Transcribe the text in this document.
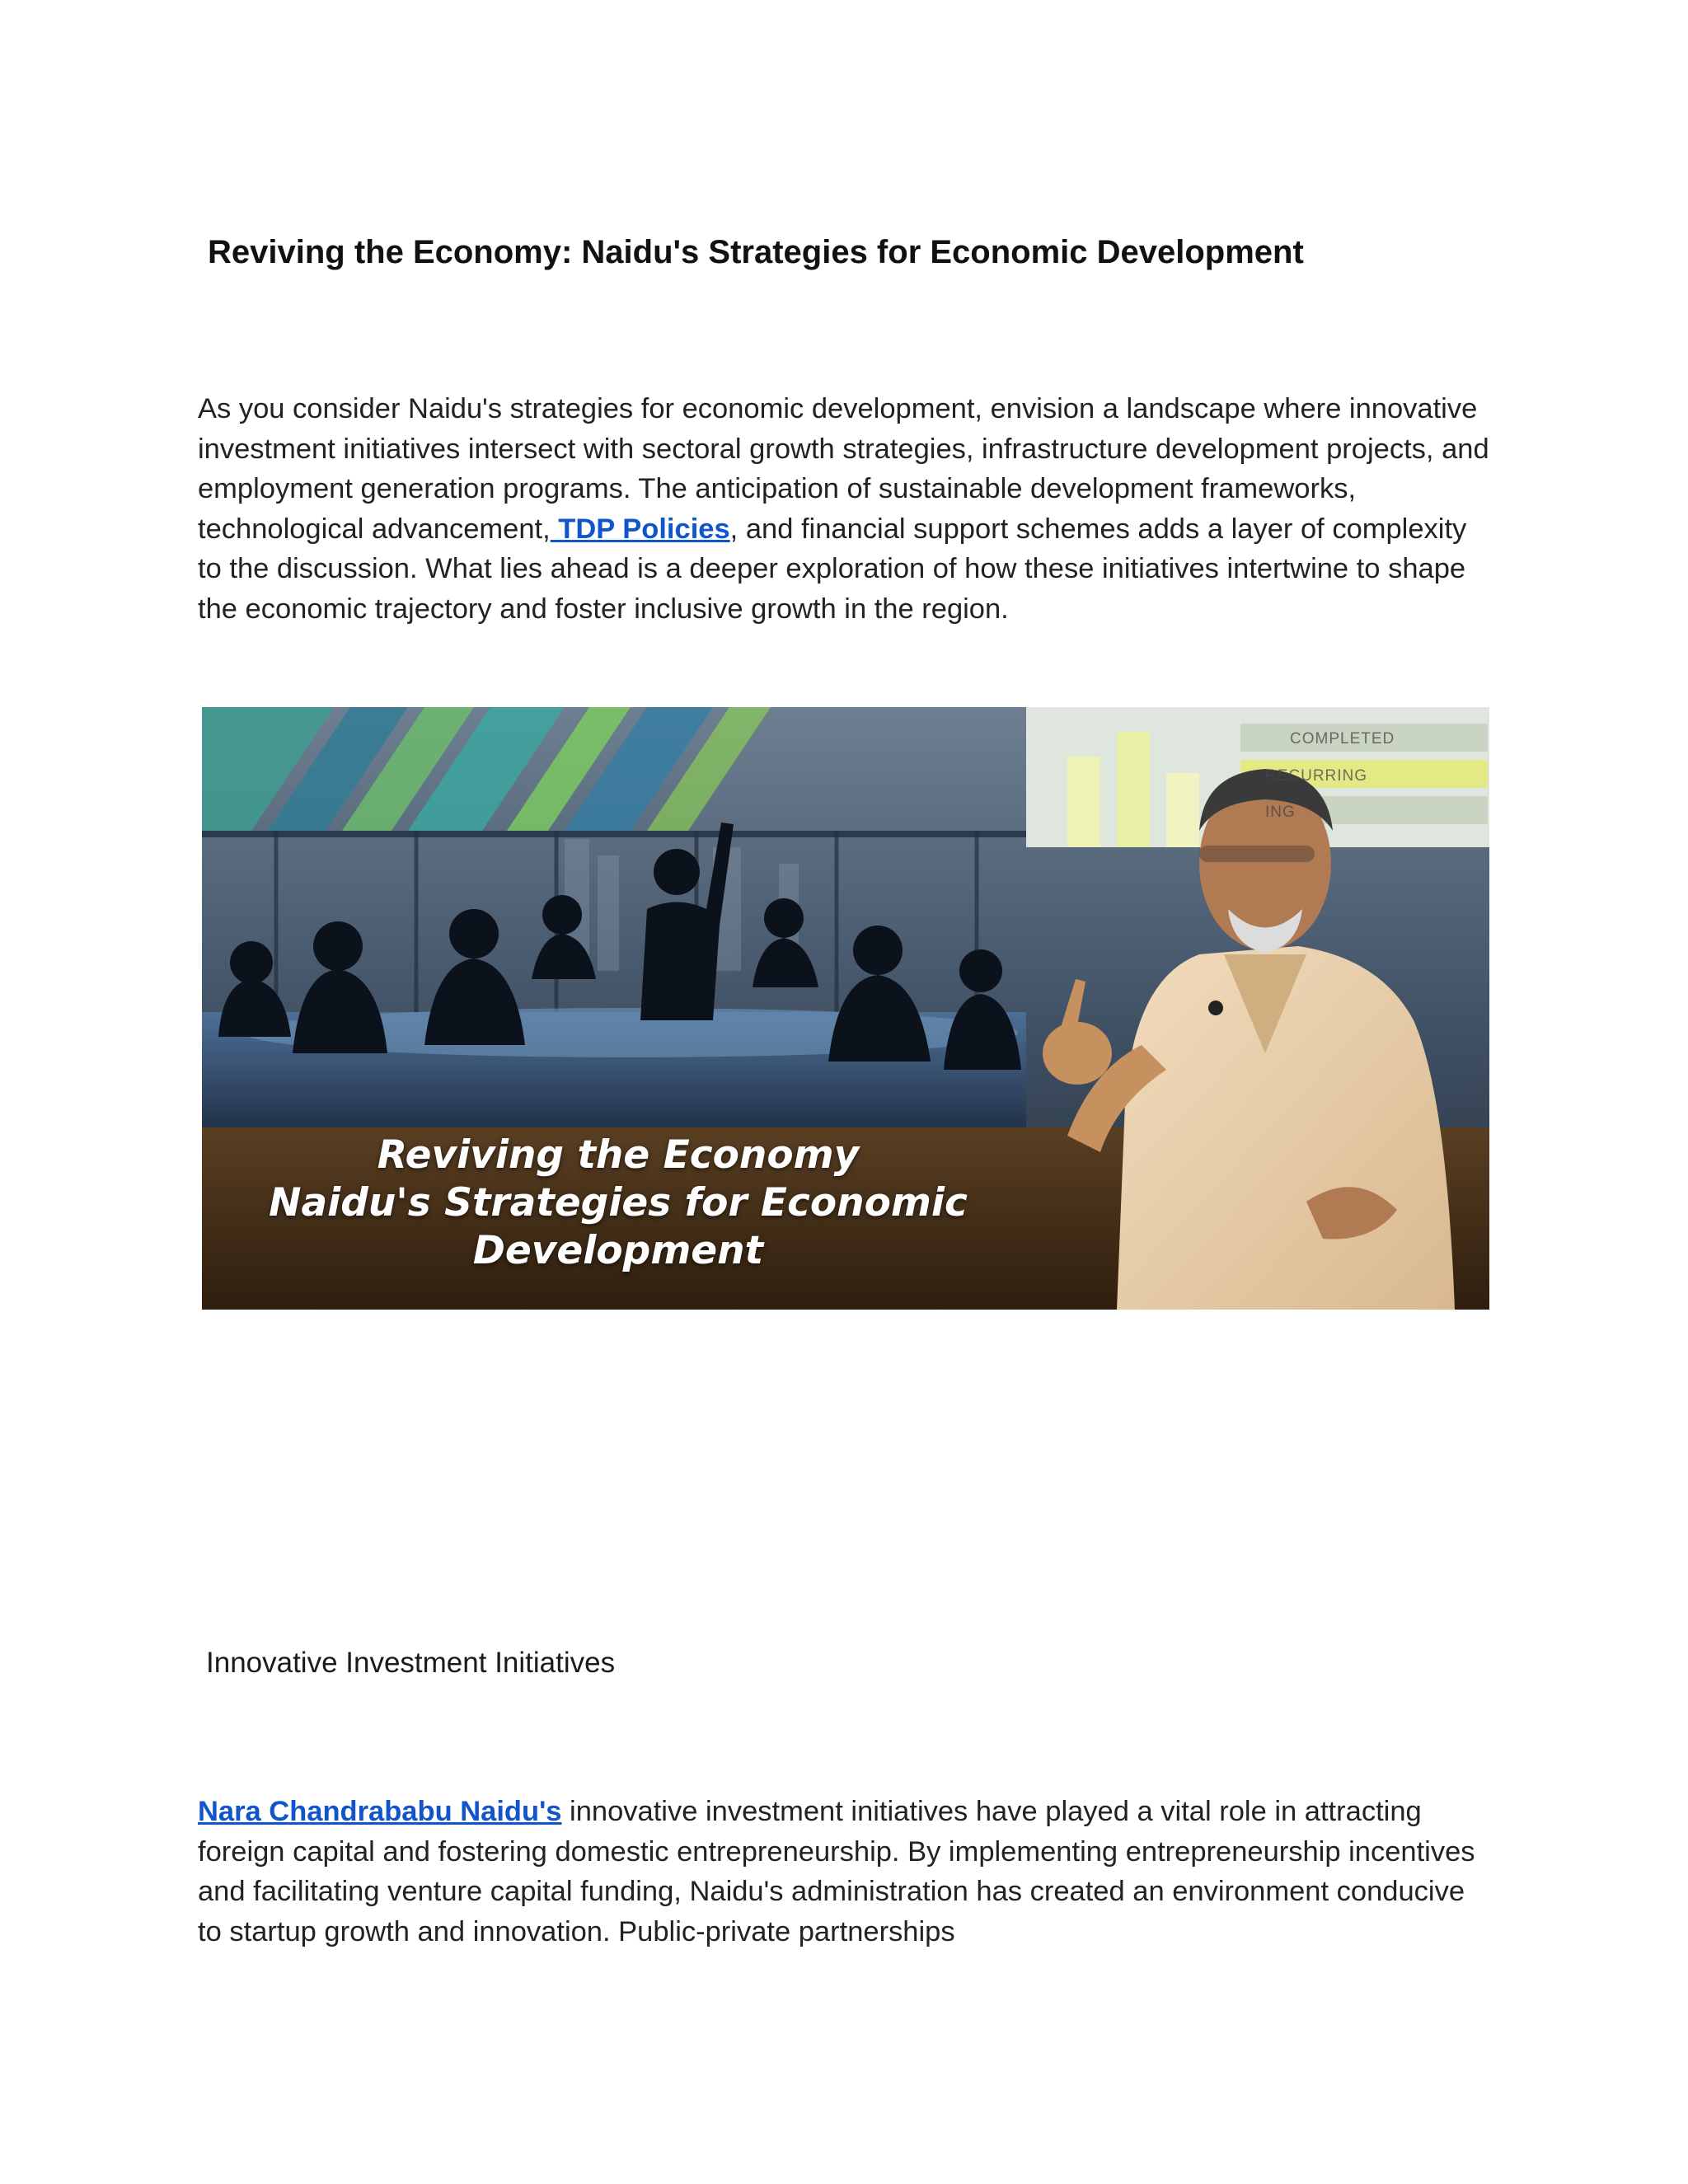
Reviving the Economy: Naidu's Strategies for Economic Development

As you consider Naidu's strategies for economic development, envision a landscape where innovative investment initiatives intersect with sectoral growth strategies, infrastructure development projects, and employment generation programs. The anticipation of sustainable development frameworks, technological advancement, TDP Policies, and financial support schemes adds a layer of complexity to the discussion. What lies ahead is a deeper exploration of how these initiatives intertwine to shape the economic trajectory and foster inclusive growth in the region.

COMPLETED
RECURRING
ING
Reviving the Economy
Naidu's Strategies for Economic
Development
Innovative Investment Initiatives

Nara Chandrababu Naidu's innovative investment initiatives have played a vital role in attracting foreign capital and fostering domestic entrepreneurship. By implementing entrepreneurship incentives and facilitating venture capital funding, Naidu's administration has created an environment conducive to startup growth and innovation. Public-private partnerships
